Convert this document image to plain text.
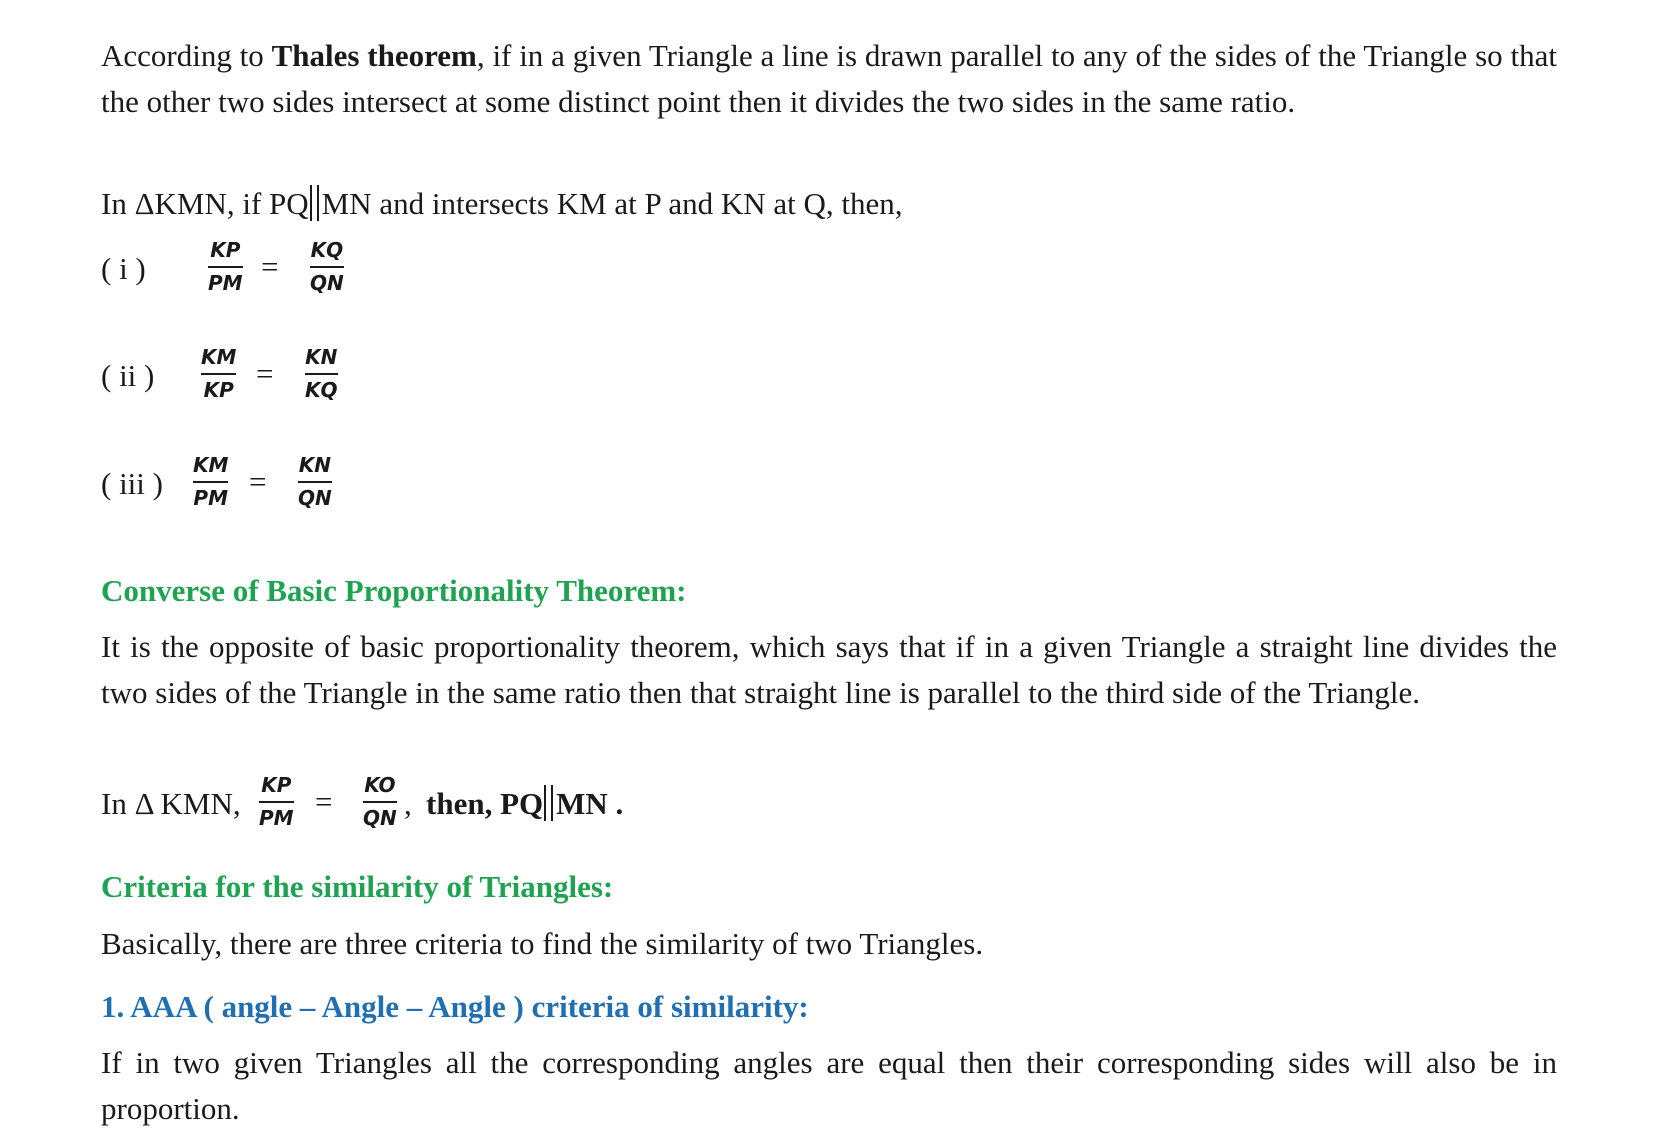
According to Thales theorem, if in a given Triangle a line is drawn parallel to any of the sides of the Triangle so that the other two sides intersect at some distinct point then it divides the two sides in the same ratio.
In ΔKMN, if PQ MN and intersects KM at P and KN at Q, then,
( i )
KP
PM = KQ
QN
( ii )
KM
KP = KN
KQ
( iii )
KM
PM = KN
QN
Converse of Basic Proportionality Theorem:
It is the opposite of basic proportionality theorem, which says that if in a given Triangle a straight line divides the two sides of the Triangle in the same ratio then that straight line is parallel to the third side of the Triangle.
In Δ KMN,
KP
PM = KO
QN , then, PQ MN .
Criteria for the similarity of Triangles:
Basically, there are three criteria to find the similarity of two Triangles.
1. AAA ( angle – Angle – Angle ) criteria of similarity:
If in two given Triangles all the corresponding angles are equal then their corresponding sides will also be in proportion.
